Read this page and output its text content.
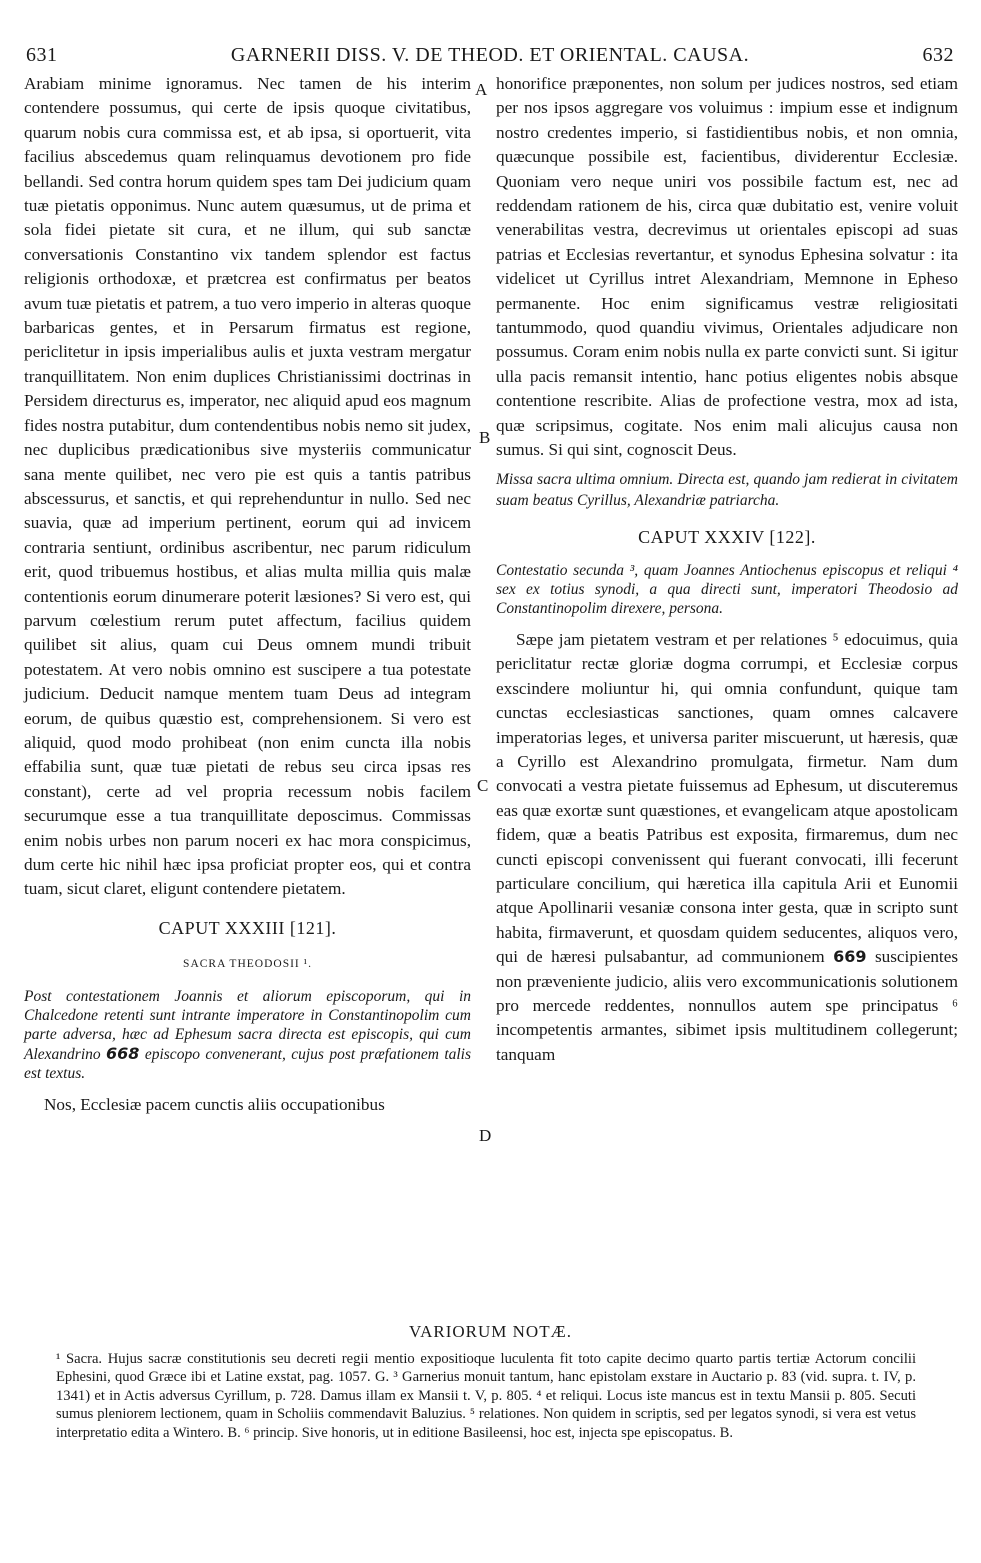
631	GARNERII DISS. V. DE THEOD. ET ORIENTAL. CAUSA.	632
A
B
C
D

Arabiam minime ignoramus. Nec tamen de his interim contendere possumus, qui certe de ipsis quoque civitatibus, quarum nobis cura commissa est, et ab ipsa, si oportuerit, vita facilius abscedemus quam relinquamus devotionem pro fide bellandi. Sed contra horum quidem spes tam Dei judicium quam tuæ pietatis opponimus. Nunc autem quæsumus, ut de prima et sola fidei pietate sit cura, et ne illum, qui sub sanctæ conversationis Constantino vix tandem splendor est factus religionis orthodoxæ, et prætcrea est confirmatus per beatos avum tuæ pietatis et patrem, a tuo vero imperio in alteras quoque barbaricas gentes, et in Persarum firmatus est regione, periclitetur in ipsis imperialibus aulis et juxta vestram mergatur tranquillitatem. Non enim duplices Christianissimi doctrinas in Persidem directurus es, imperator, nec aliquid apud eos magnum fides nostra putabitur, dum contendentibus nobis nemo sit judex, nec duplicibus prædicationibus sive mysteriis communicatur sana mente quilibet, nec vero pie est quis a tantis patribus abscessurus, et sanctis, et qui reprehenduntur in nullo. Sed nec suavia, quæ ad imperium pertinent, eorum qui ad invicem contraria sentiunt, ordinibus ascribentur, nec parum ridiculum erit, quod tribuemus hostibus, et alias multa millia quis malæ contentionis eorum dinumerare poterit læsiones? Si vero est, qui parvum cœlestium rerum putet affectum, facilius quidem quilibet sit alius, quam cui Deus omnem mundi tribuit potestatem. At vero nobis omnino est suscipere a tua potestate judicium. Deducit namque mentem tuam Deus ad integram eorum, de quibus quæstio est, comprehensionem. Si vero est aliquid, quod modo prohibeat (non enim cuncta illa nobis effabilia sunt, quæ tuæ pietati de rebus seu circa ipsas res constant), certe ad vel propria recessum nobis facilem securumque esse a tua tranquillitate deposcimus. Commissas enim nobis urbes non parum noceri ex hac mora conspicimus, dum certe hic nihil hæc ipsa proficiat propter eos, qui et contra tuam, sicut claret, eligunt contendere pietatem.

CAPUT XXXIII [121].
SACRA THEODOSII ¹.
Post contestationem Joannis et aliorum episcoporum, qui in Chalcedone retenti sunt intrante imperatore in Constantinopolim cum parte adversa, hæc ad Ephesum sacra directa est episcopis, qui cum Alexandrino 668 episcopo convenerant, cujus post præfationem talis est textus.

Nos, Ecclesiæ pacem cunctis aliis occupationibus

honorifice præponentes, non solum per judices nostros, sed etiam per nos ipsos aggregare vos voluimus : impium esse et indignum nostro credentes imperio, si fastidientibus nobis, et non omnia, quæcunque possibile est, facientibus, dividerentur Ecclesiæ. Quoniam vero neque uniri vos possibile factum est, nec ad reddendam rationem de his, circa quæ dubitatio est, venire voluit venerabilitas vestra, decrevimus ut orientales episcopi ad suas patrias et Ecclesias revertantur, et synodus Ephesina solvatur : ita videlicet ut Cyrillus intret Alexandriam, Memnone in Epheso permanente. Hoc enim significamus vestræ religiositati tantummodo, quod quandiu vivimus, Orientales adjudicare non possumus. Coram enim nobis nulla ex parte convicti sunt. Si igitur ulla pacis remansit intentio, hanc potius eligentes nobis absque contentione rescribite. Alias de profectione vestra, mox ad ista, quæ scripsimus, cogitate. Nos enim mali alicujus causa non sumus. Si qui sint, cognoscit Deus.

Missa sacra ultima omnium. Directa est, quando jam redierat in civitatem suam beatus Cyrillus, Alexandriæ patriarcha.
CAPUT XXXIV [122].
Contestatio secunda ³, quam Joannes Antiochenus episcopus et reliqui ⁴ sex ex totius synodi, a qua directi sunt, imperatori Theodosio ad Constantinopolim direxere, persona.

Sæpe jam pietatem vestram et per relationes ⁵ edocuimus, quia periclitatur rectæ gloriæ dogma corrumpi, et Ecclesiæ corpus exscindere moliuntur hi, qui omnia confundunt, quique tam cunctas ecclesiasticas sanctiones, quam omnes calcavere imperatorias leges, et universa pariter miscuerunt, ut hæresis, quæ a Cyrillo est Alexandrino promulgata, firmetur. Nam dum convocati a vestra pietate fuissemus ad Ephesum, ut discuteremus eas quæ exortæ sunt quæstiones, et evangelicam atque apostolicam fidem, quæ a beatis Patribus est exposita, firmaremus, dum nec cuncti episcopi convenissent qui fuerant convocati, illi fecerunt particulare concilium, qui hæretica illa capitula Arii et Eunomii atque Apollinarii vesaniæ consona inter gesta, quæ in scripto sunt habita, firmaverunt, et quosdam quidem seducentes, aliquos vero, qui de hæresi pulsabantur, ad communionem 669 suscipientes non præveniente judicio, aliis vero excommunicationis solutionem pro mercede reddentes, nonnullos autem spe principatus ⁶ incompetentis armantes, sibimet ipsis multitudinem collegerunt; tanquam

VARIORUM NOTÆ.
¹ Sacra. Hujus sacræ constitutionis seu decreti regii mentio expositioque luculenta fit toto capite decimo quarto partis tertiæ Actorum concilii Ephesini, quod Græce ibi et Latine exstat, pag. 1057. G. ³ Garnerius monuit tantum, hanc epistolam exstare in Auctario p. 83 (vid. supra. t. IV, p. 1341) et in Actis adversus Cyrillum, p. 728. Damus illam ex Mansii t. V, p. 805. ⁴ et reliqui. Locus iste mancus est in textu Mansii p. 805. Secuti sumus pleniorem lectionem, quam in Scholiis commendavit Baluzius. ⁵ relationes. Non quidem in scriptis, sed per legatos synodi, si vera est vetus interpretatio edita a Wintero. B. ⁶ princip. Sive honoris, ut in editione Basileensi, hoc est, injecta spe episcopatus. B.
